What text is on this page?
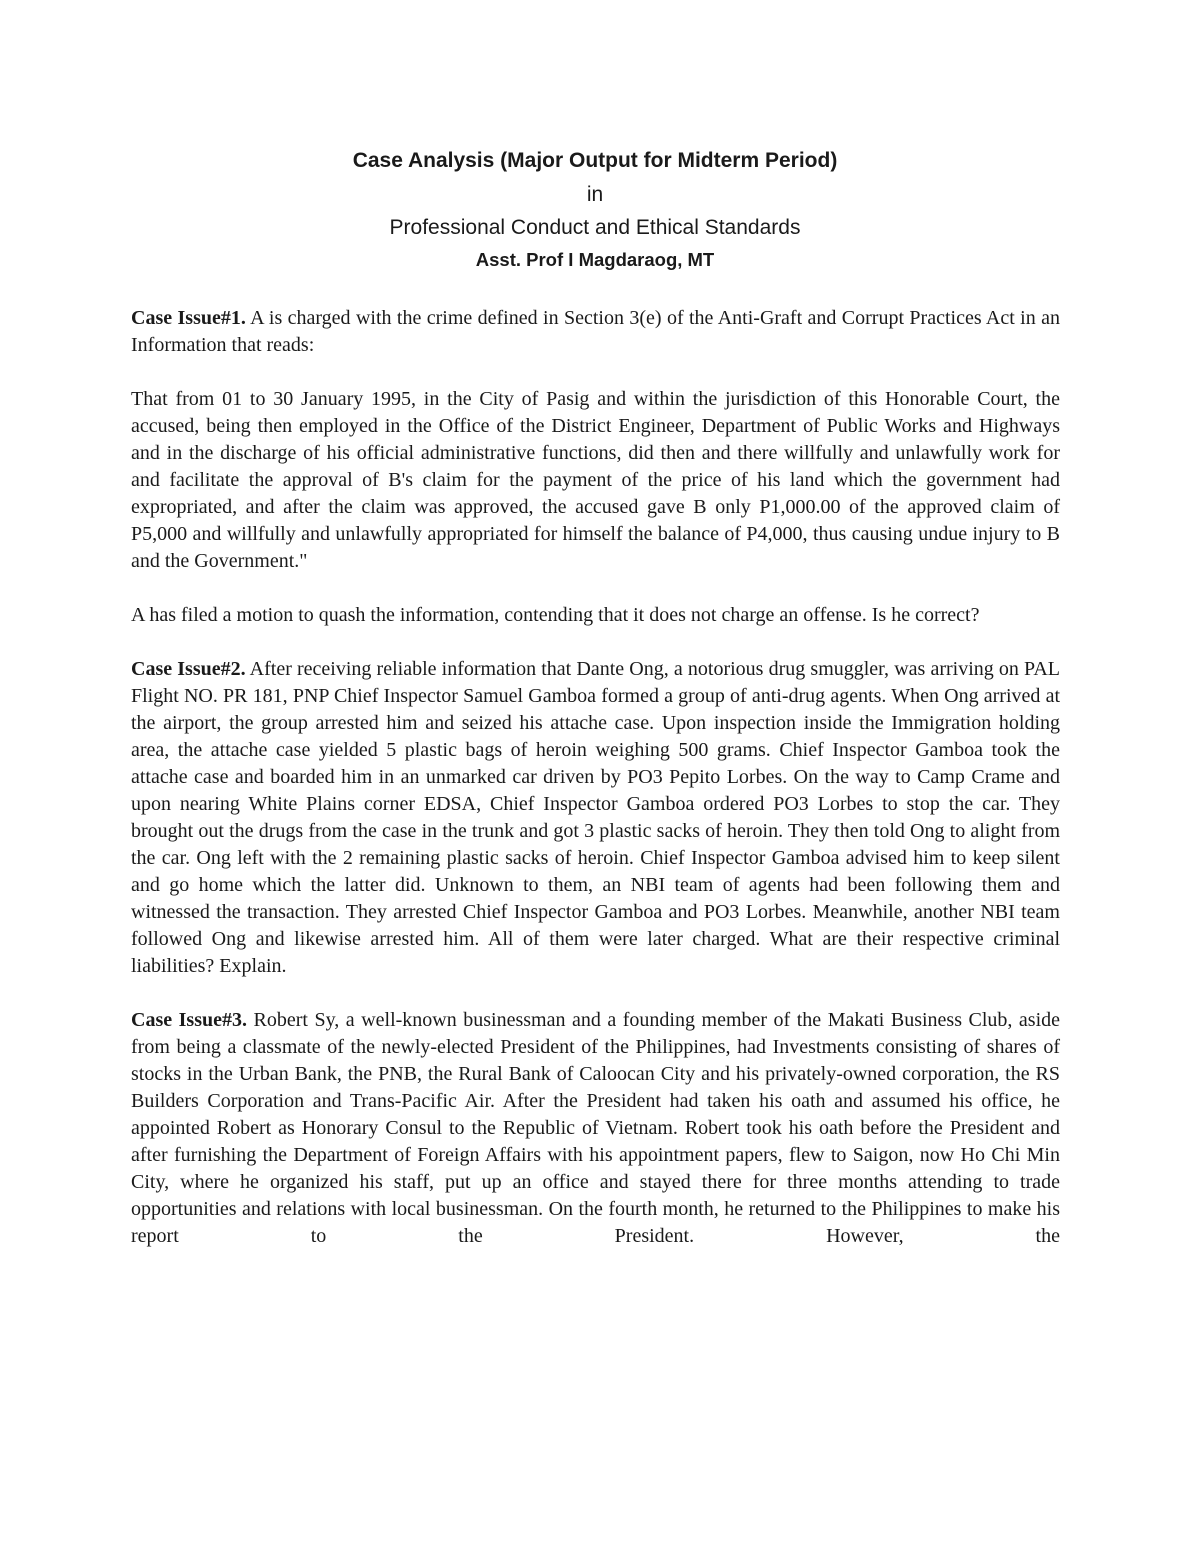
Case Analysis (Major Output for Midterm Period)
in
Professional Conduct and Ethical Standards
Asst. Prof I Magdaraog, MT

Case Issue#1. A is charged with the crime defined in Section 3(e) of the Anti-Graft and Corrupt Practices Act in an Information that reads:

That from 01 to 30 January 1995, in the City of Pasig and within the jurisdiction of this Honorable Court, the accused, being then employed in the Office of the District Engineer, Department of Public Works and Highways and in the discharge of his official administrative functions, did then and there willfully and unlawfully work for and facilitate the approval of B's claim for the payment of the price of his land which the government had expropriated, and after the claim was approved, the accused gave B only P1,000.00 of the approved claim of P5,000 and willfully and unlawfully appropriated for himself the balance of P4,000, thus causing undue injury to B and the Government."

A has filed a motion to quash the information, contending that it does not charge an offense. Is he correct?

Case Issue#2. After receiving reliable information that Dante Ong, a notorious drug smuggler, was arriving on PAL Flight NO. PR 181, PNP Chief Inspector Samuel Gamboa formed a group of anti-drug agents. When Ong arrived at the airport, the group arrested him and seized his attache case. Upon inspection inside the Immigration holding area, the attache case yielded 5 plastic bags of heroin weighing 500 grams. Chief Inspector Gamboa took the attache case and boarded him in an unmarked car driven by PO3 Pepito Lorbes. On the way to Camp Crame and upon nearing White Plains corner EDSA, Chief Inspector Gamboa ordered PO3 Lorbes to stop the car. They brought out the drugs from the case in the trunk and got 3 plastic sacks of heroin. They then told Ong to alight from the car. Ong left with the 2 remaining plastic sacks of heroin. Chief Inspector Gamboa advised him to keep silent and go home which the latter did. Unknown to them, an NBI team of agents had been following them and witnessed the transaction. They arrested Chief Inspector Gamboa and PO3 Lorbes. Meanwhile, another NBI team followed Ong and likewise arrested him. All of them were later charged. What are their respective criminal liabilities? Explain.

Case Issue#3. Robert Sy, a well-known businessman and a founding member of the Makati Business Club, aside from being a classmate of the newly-elected President of the Philippines, had Investments consisting of shares of stocks in the Urban Bank, the PNB, the Rural Bank of Caloocan City and his privately-owned corporation, the RS Builders Corporation and Trans-Pacific Air. After the President had taken his oath and assumed his office, he appointed Robert as Honorary Consul to the Republic of Vietnam. Robert took his oath before the President and after furnishing the Department of Foreign Affairs with his appointment papers, flew to Saigon, now Ho Chi Min City, where he organized his staff, put up an office and stayed there for three months attending to trade opportunities and relations with local businessman. On the fourth month, he returned to the Philippines to make his report to the President. However, the
